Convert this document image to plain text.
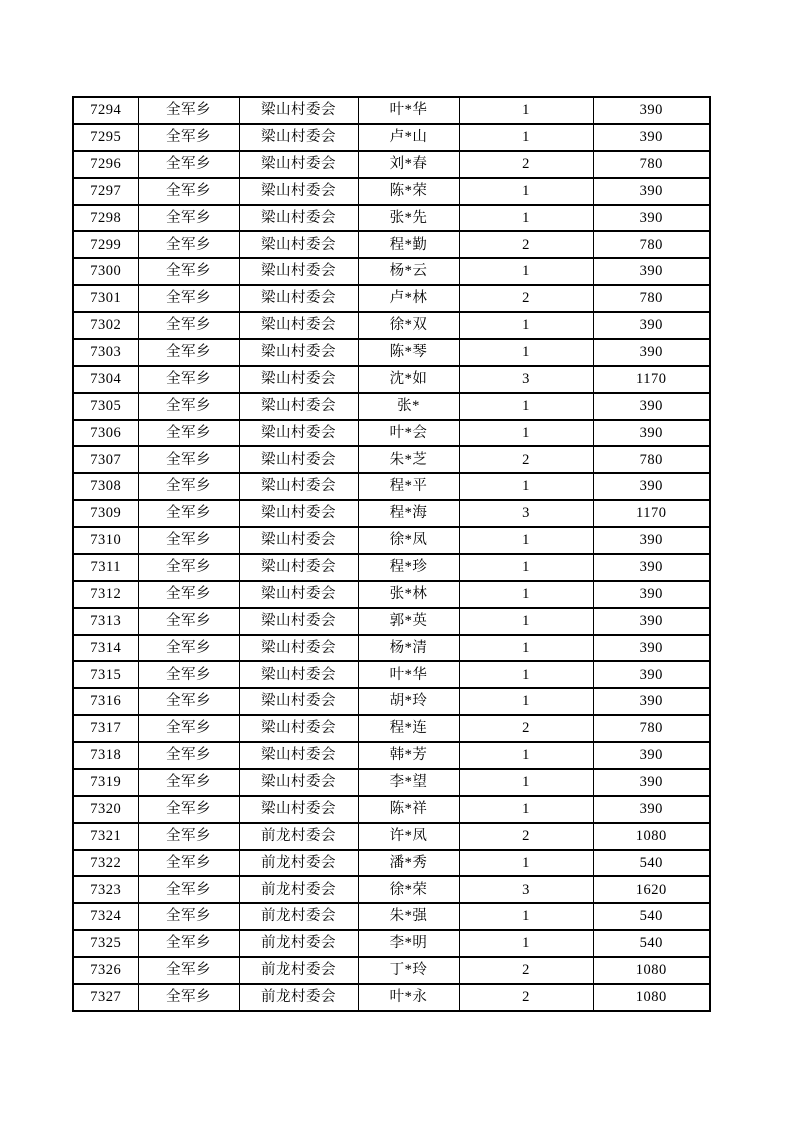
7294	全军乡	梁山村委会	叶*华	1	390
7295	全军乡	梁山村委会	卢*山	1	390
7296	全军乡	梁山村委会	刘*春	2	780
7297	全军乡	梁山村委会	陈*荣	1	390
7298	全军乡	梁山村委会	张*先	1	390
7299	全军乡	梁山村委会	程*勤	2	780
7300	全军乡	梁山村委会	杨*云	1	390
7301	全军乡	梁山村委会	卢*林	2	780
7302	全军乡	梁山村委会	徐*双	1	390
7303	全军乡	梁山村委会	陈*琴	1	390
7304	全军乡	梁山村委会	沈*如	3	1170
7305	全军乡	梁山村委会	张*	1	390
7306	全军乡	梁山村委会	叶*会	1	390
7307	全军乡	梁山村委会	朱*芝	2	780
7308	全军乡	梁山村委会	程*平	1	390
7309	全军乡	梁山村委会	程*海	3	1170
7310	全军乡	梁山村委会	徐*凤	1	390
7311	全军乡	梁山村委会	程*珍	1	390
7312	全军乡	梁山村委会	张*林	1	390
7313	全军乡	梁山村委会	郭*英	1	390
7314	全军乡	梁山村委会	杨*清	1	390
7315	全军乡	梁山村委会	叶*华	1	390
7316	全军乡	梁山村委会	胡*玲	1	390
7317	全军乡	梁山村委会	程*连	2	780
7318	全军乡	梁山村委会	韩*芳	1	390
7319	全军乡	梁山村委会	李*望	1	390
7320	全军乡	梁山村委会	陈*祥	1	390
7321	全军乡	前龙村委会	许*凤	2	1080
7322	全军乡	前龙村委会	潘*秀	1	540
7323	全军乡	前龙村委会	徐*荣	3	1620
7324	全军乡	前龙村委会	朱*强	1	540
7325	全军乡	前龙村委会	李*明	1	540
7326	全军乡	前龙村委会	丁*玲	2	1080
7327	全军乡	前龙村委会	叶*永	2	1080
